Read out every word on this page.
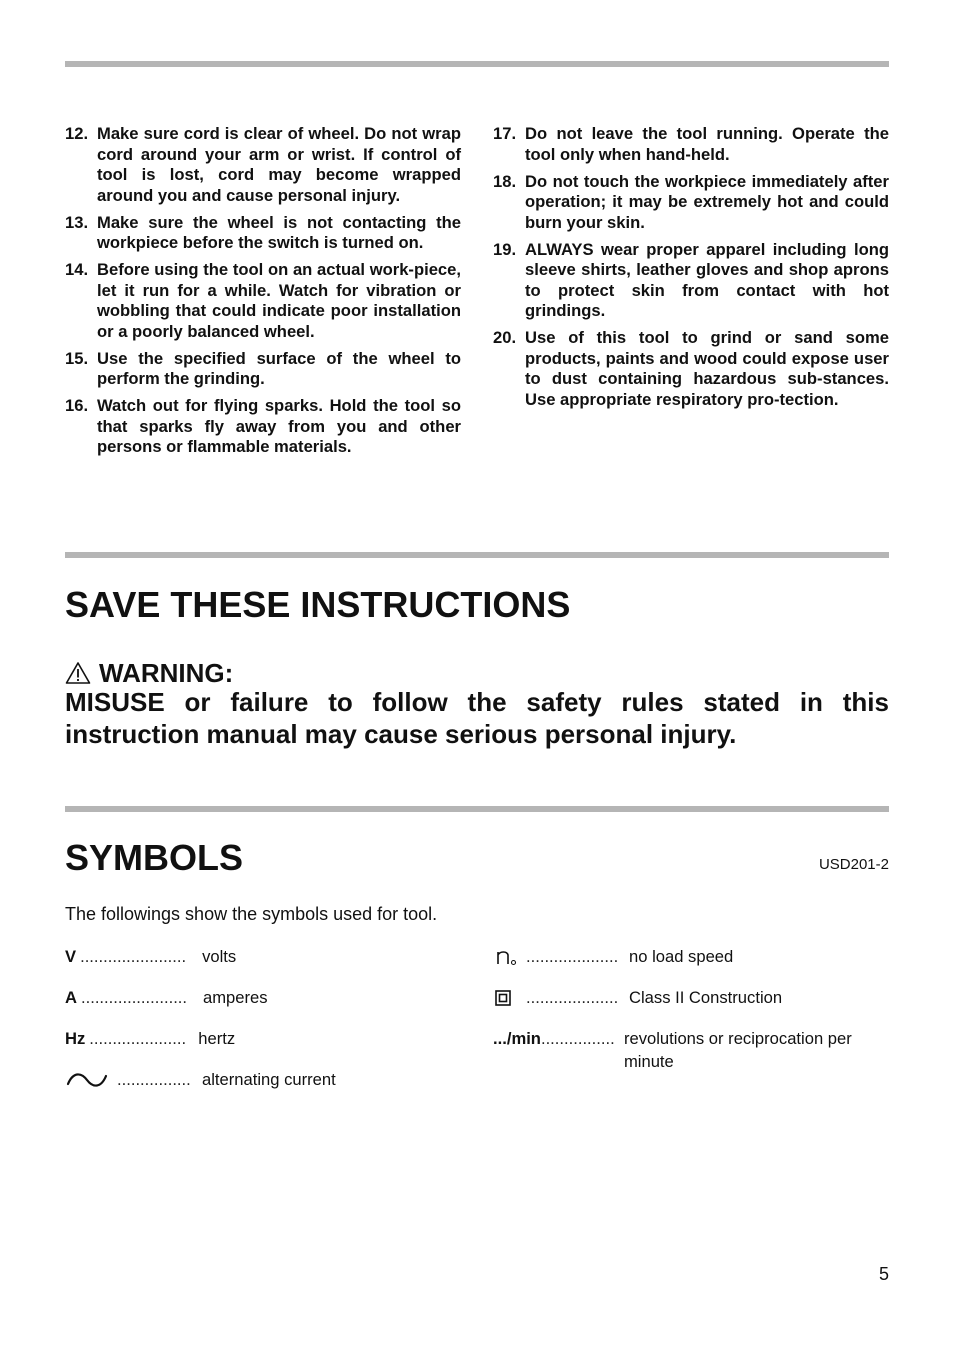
12. Make sure cord is clear of wheel. Do not wrap cord around your arm or wrist. If control of tool is lost, cord may become wrapped around you and cause personal injury.
13. Make sure the wheel is not contacting the workpiece before the switch is turned on.
14. Before using the tool on an actual work-piece, let it run for a while. Watch for vibration or wobbling that could indicate poor installation or a poorly balanced wheel.
15. Use the specified surface of the wheel to perform the grinding.
16. Watch out for flying sparks. Hold the tool so that sparks fly away from you and other persons or flammable materials.
17. Do not leave the tool running. Operate the tool only when hand-held.
18. Do not touch the workpiece immediately after operation; it may be extremely hot and could burn your skin.
19. ALWAYS wear proper apparel including long sleeve shirts, leather gloves and shop aprons to protect skin from contact with hot grindings.
20. Use of this tool to grind or sand some products, paints and wood could expose user to dust containing hazardous sub-stances. Use appropriate respiratory pro-tection.
SAVE THESE INSTRUCTIONS
WARNING:
MISUSE or failure to follow the safety rules stated in this instruction manual may cause serious personal injury.
SYMBOLS	USD201-2
The followings show the symbols used for tool.
V ....................... volts
A ....................... amperes
Hz ..................... hertz
................ alternating current
.................... no load speed
.................... Class II Construction
.../min ................ revolutions or reciprocation per minute
5
